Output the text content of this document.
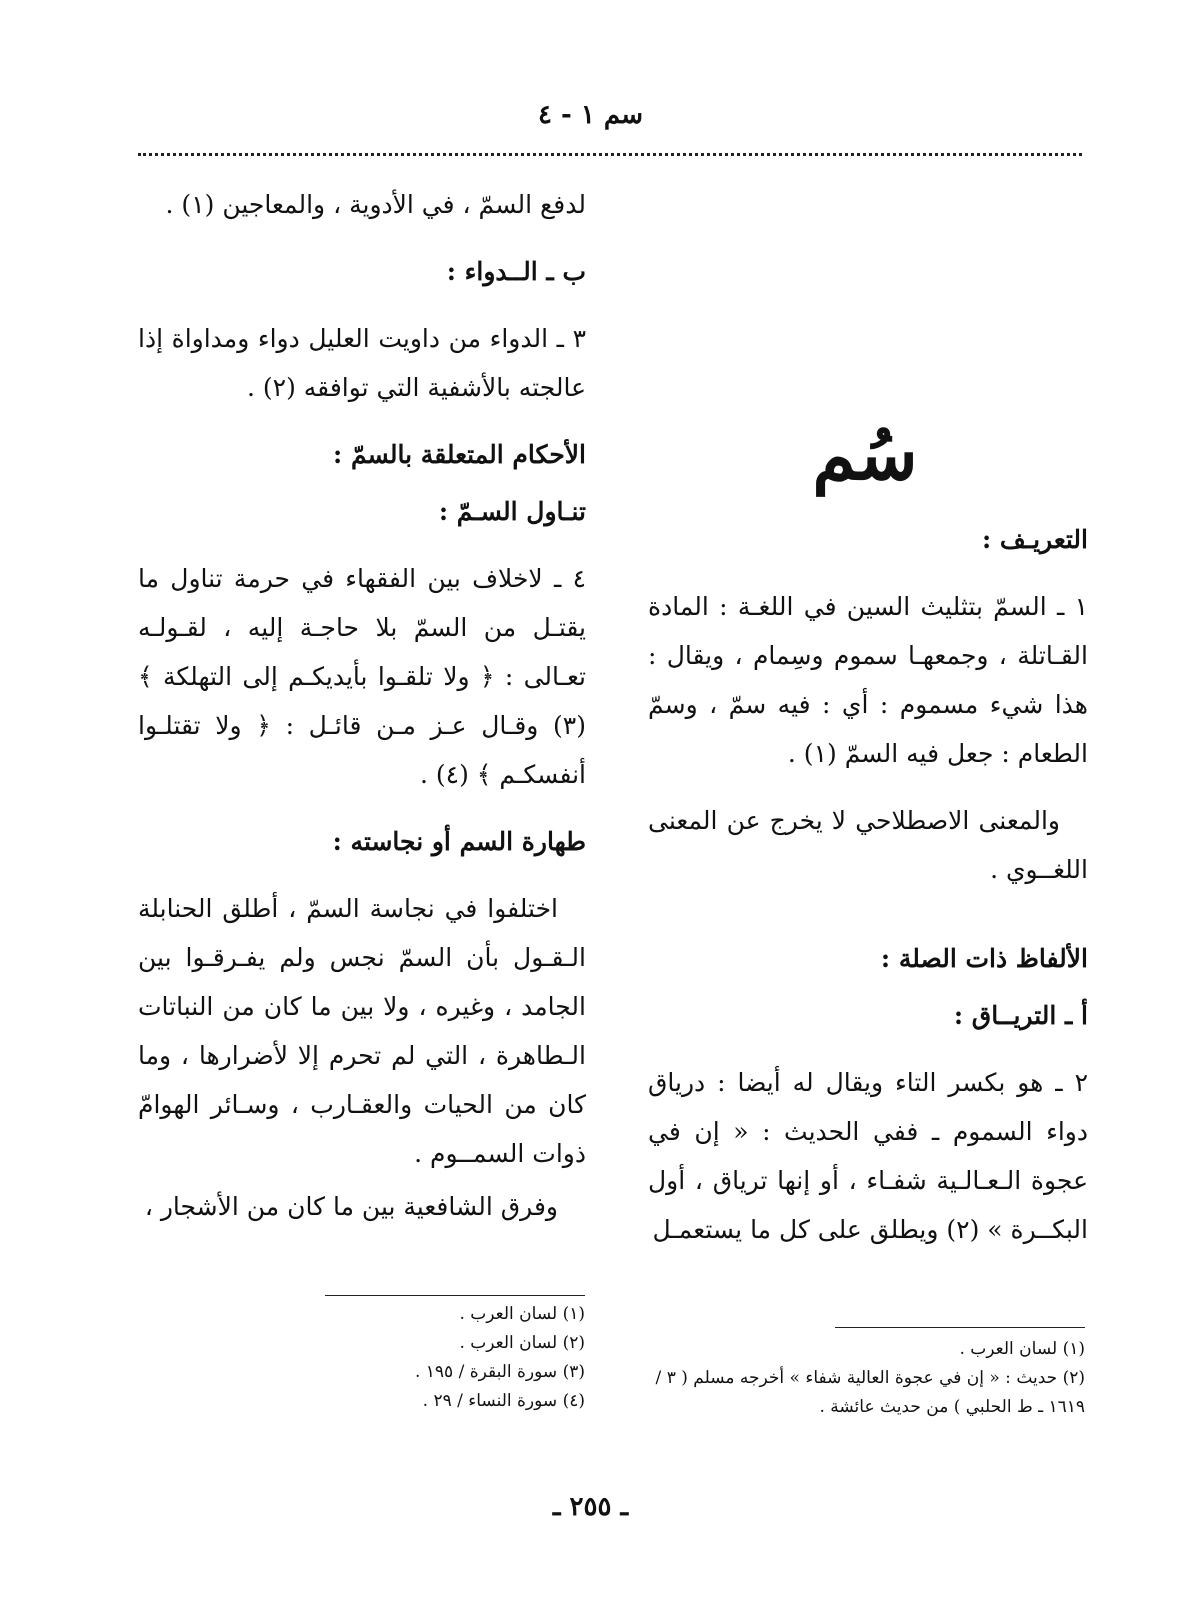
سم ١ - ٤

لدفع السمّ ، في الأدوية ، والمعاجين (١) .

ب ـ الــدواء :

٣ ـ الدواء من داويت العليل دواء ومداواة إذا عالجته بالأشفية التي توافقه (٢) .

الأحكام المتعلقة بالسمّ :

تنـاول السـمّ :

٤ ـ لاخلاف بين الفقهاء في حرمة تناول ما يقتـل من السمّ بلا حاجـة إليه ، لقـولـه تعـالى : ﴿ ولا تلقـوا بأيديكـم إلى التهلكة ﴾ (٣) وقـال عـز مـن قائـل : ﴿ ولا تقتلـوا أنفسكـم ﴾ (٤) .

طهارة السم أو نجاسته :

اختلفوا في نجاسة السمّ ، أطلق الحنابلة الـقـول بأن السمّ نجس ولم يفـرقـوا بين الجامد ، وغيره ، ولا بين ما كان من النباتات الـطاهرة ، التي لم تحرم إلا لأضرارها ، وما كان من الحيات والعقـارب ، وسـائر الهوامّ ذوات السمــوم .

وفرق الشافعية بين ما كان من الأشجار ،

سُم

التعريـف :

١ ـ السمّ بتثليث السين في اللغـة : المادة القـاتلة ، وجمعهـا سموم وسِمام ، ويقال : هذا شيء مسموم : أي : فيه سمّ ، وسمّ الطعام : جعل فيه السمّ (١) .

والمعنى الاصطلاحي لا يخرج عن المعنى اللغــوي .

الألفاظ ذات الصلة :

أ ـ التريــاق :

٢ ـ هو بكسر التاء ويقال له أيضا : درياق دواء السموم ـ ففي الحديث : « إن في عجوة الـعـالـية شفـاء ، أو إنها ترياق ، أول البكــرة » (٢) ويطلق على كل ما يستعمـل

(١) لسان العرب .
(٢) لسان العرب .
(٣) سورة البقرة / ١٩٥ .
(٤) سورة النساء / ٢٩ .
(١) لسان العرب .
(٢) حديث : « إن في عجوة العالية شفاء » أخرجه مسلم ( ٣ / ١٦١٩ ـ ط الحلبي ) من حديث عائشة .
ـ ٢٥٥ ـ
